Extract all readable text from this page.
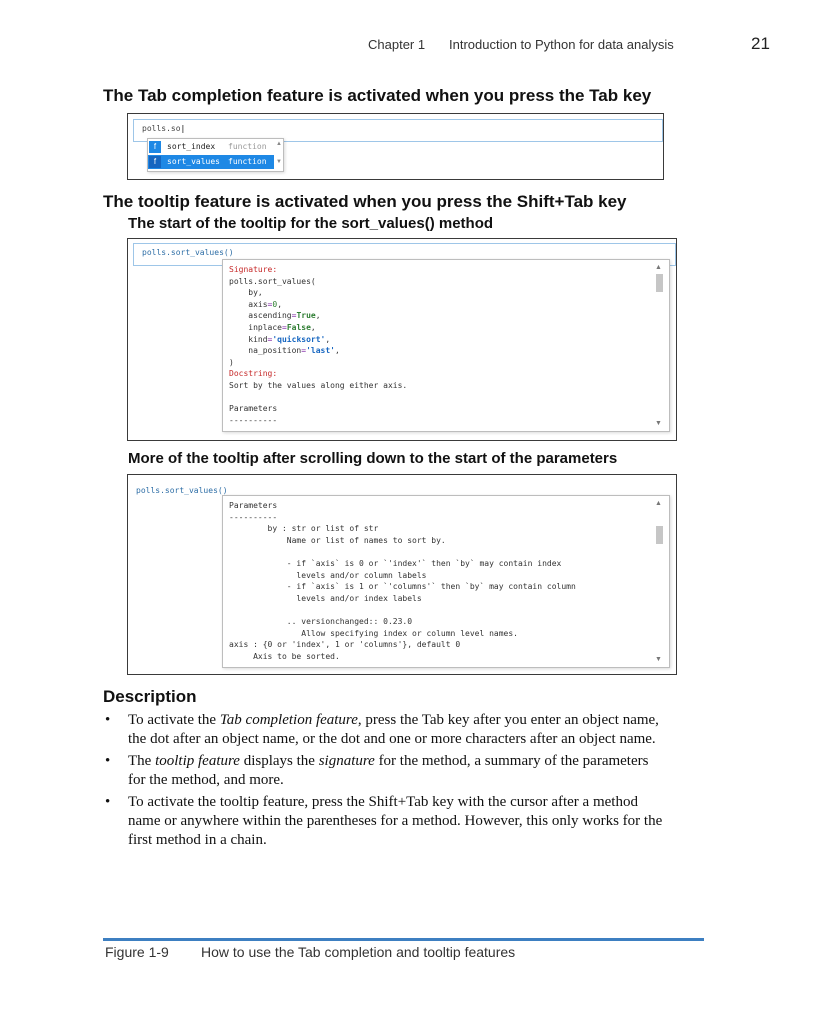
Chapter 1 Introduction to Python for data analysis	21
The Tab completion feature is activated when you press the Tab key
polls.so|
f	sort_index function
f	sort_values function
▲
▼
The tooltip feature is activated when you press the Shift+Tab key
The start of the tooltip for the sort_values() method
polls.sort_values()
Signature:
polls.sort_values(
by,
axis=0,
ascending=True,
inplace=False,
kind='quicksort',
na_position='last',
)
Docstring:
Sort by the values along either axis.

Parameters
----------
▲
▼
More of the tooltip after scrolling down to the start of the parameters
polls.sort_values()
Parameters
----------
by : str or list of str
Name or list of names to sort by.

- if `axis` is 0 or `'index'` then `by` may contain index
levels and/or column labels
- if `axis` is 1 or `'columns'` then `by` may contain column
levels and/or index labels

.. versionchanged:: 0.23.0
Allow specifying index or column level names.
axis : {0 or 'index', 1 or 'columns'}, default 0
Axis to be sorted.
▲
▼
Description
• To activate the Tab completion feature, press the Tab key after you enter an object name, the dot after an object name, or the dot and one or more characters after an object name.
• The tooltip feature displays the signature for the method, a summary of the parameters for the method, and more.
• To activate the tooltip feature, press the Shift+Tab key with the cursor after a method name or anywhere within the parentheses for a method. However, this only works for the first method in a chain.
Figure 1-9 How to use the Tab completion and tooltip features
